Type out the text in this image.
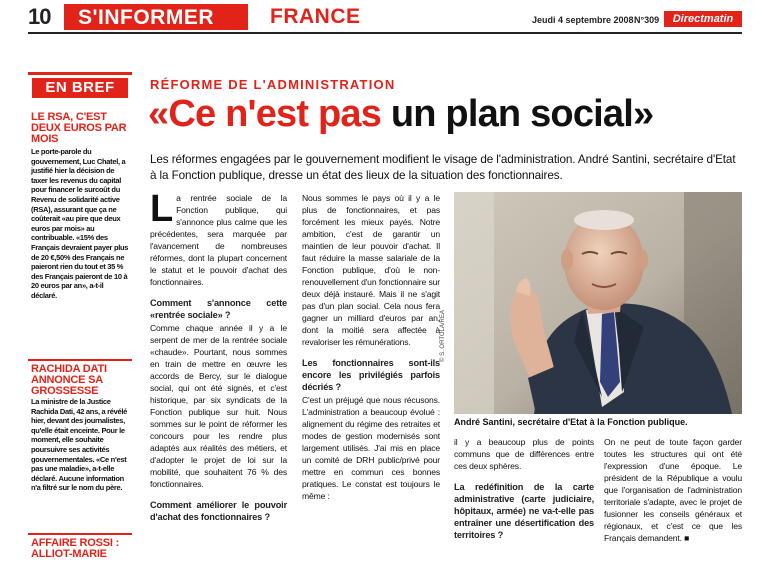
10	S'INFORMER	FRANCE	Jeudi 4 septembre 2008 N°309	Directmatin
EN BREF
LE RSA, C'EST DEUX EUROS PAR MOIS
Le porte-parole du gouvernement, Luc Chatel, a justifié hier la décision de taxer les revenus du capital pour financer le surcoût du Revenu de solidarité active (RSA), assurant que ça ne coûterait «au pire que deux euros par mois» au contribuable. «15% des Français devraient payer plus de 20 €,50% des Français ne paieront rien du tout et 35 % des Français paieront de 10 à 20 euros par an», a-t-il déclaré.
RACHIDA DATI ANNONCE SA GROSSESSE
La ministre de la Justice Rachida Dati, 42 ans, a révélé hier, devant des journalistes, qu'elle était enceinte. Pour le moment, elle souhaite poursuivre ses activités gouvernementales. «Ce n'est pas une maladie», a-t-elle déclaré. Aucune information n'a filtré sur le nom du père.
AFFAIRE ROSSI : ALLIOT-MARIE
RÉFORME DE L'ADMINISTRATION
«Ce n'est pas un plan social»
Les réformes engagées par le gouvernement modifient le visage de l'administration. André Santini, secrétaire d'Etat à la Fonction publique, dresse un état des lieux de la situation des fonctionnaires.

La rentrée sociale de la Fonction publique, qui s'annonce plus calme que les précédentes, sera marquée par l'avancement de nombreuses réformes, dont la plupart concernent le statut et le pouvoir d'achat des fonctionnaires.

Comment s'annonce cette «rentrée sociale» ?

Comme chaque année il y a le serpent de mer de la rentrée sociale «chaude». Pourtant, nous sommes en train de mettre en œuvre les accords de Bercy, sur le dialogue social, qui ont été signés, et c'est historique, par six syndicats de la Fonction publique sur huit. Nous sommes sur le point de réformer les concours pour les rendre plus adaptés aux réalités des métiers, et d'adopter le projet de loi sur la mobilité, que souhaitent 76 % des fonctionnaires.

Comment améliorer le pouvoir d'achat des fonctionnaires ?

Nous sommes le pays où il y a le plus de fonctionnaires, et pas forcément les mieux payés. Notre ambition, c'est de garantir un maintien de leur pouvoir d'achat. Il faut réduire la masse salariale de la Fonction publique, d'où le non-renouvellement d'un fonctionnaire sur deux déjà instauré. Mais il ne s'agit pas d'un plan social. Cela nous fera gagner un milliard d'euros par an, dont la moitié sera affectée à revaloriser les rémunérations.

Les fonctionnaires sont-ils encore les privilégiés parfois décriés ?

C'est un préjugé que nous récusons. L'administration a beaucoup évolué : alignement du régime des retraites et modes de gestion modernisés sont largement utilisés. J'ai mis en place un comité de DRH public/privé pour mettre en commun ces bonnes pratiques. Le constat est toujours le même :

© S. ORTOLA/REA
André Santini, secrétaire d'Etat à la Fonction publique.

il y a beaucoup plus de points communs que de différences entre ces deux sphères.

La redéfinition de la carte administrative (carte judiciaire, hôpitaux, armée) ne va-t-elle pas entraîner une désertification des territoires ?

On ne peut de toute façon garder toutes les structures qui ont été l'expression d'une époque. Le président de la République a voulu que l'organisation de l'administration territoriale s'adapte, avec le projet de fusionner les conseils généraux et régionaux, et c'est ce que les Français demandent. ■
